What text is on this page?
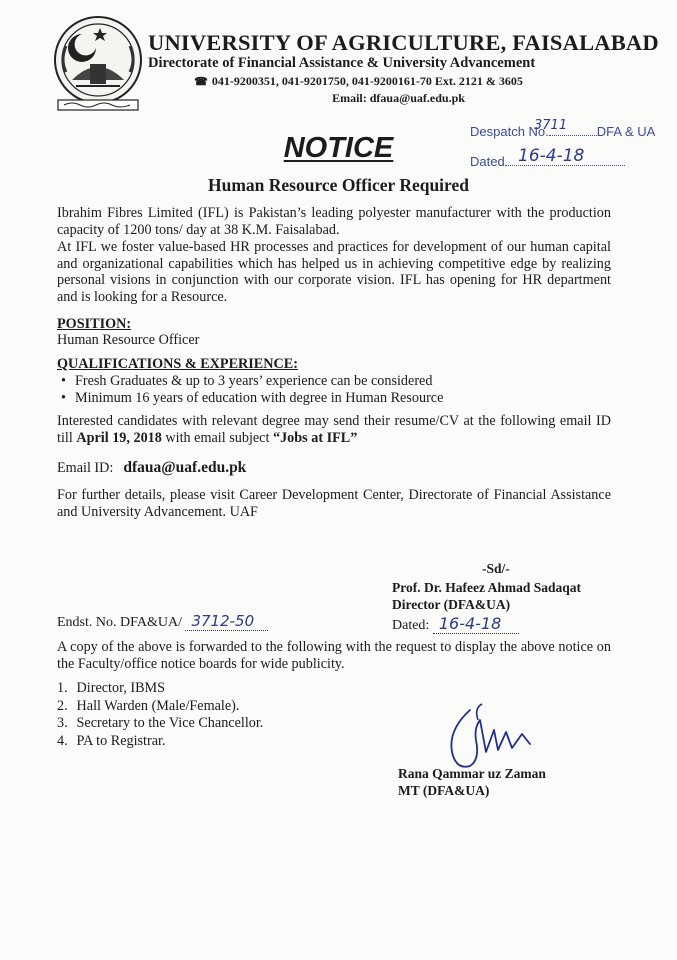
UNIVERSITY OF AGRICULTURE, FAISALABAD
Directorate of Financial Assistance & University Advancement
☎ 041-9200351, 041-9201750, 041-9200161-70 Ext. 2121 & 3605
Email: dfaua@uaf.edu.pk
Despatch No.	DFA & UA
3711
Dated 16-4-18
NOTICE
Human Resource Officer Required
Ibrahim Fibres Limited (IFL) is Pakistan’s leading polyester manufacturer with the production capacity of 1200 tons/ day at 38 K.M. Faisalabad.
At IFL we foster value-based HR processes and practices for development of our human capital and organizational capabilities which has helped us in achieving competitive edge by realizing personal visions in conjunction with our corporate vision. IFL has opening for HR department and is looking for a Resource.
POSITION:
Human Resource Officer
QUALIFICATIONS & EXPERIENCE:
• Fresh Graduates & up to 3 years’ experience can be considered
• Minimum 16 years of education with degree in Human Resource
Interested candidates with relevant degree may send their resume/CV at the following email ID till April 19, 2018 with email subject “Jobs at IFL”
Email ID: dfaua@uaf.edu.pk
For further details, please visit Career Development Center, Directorate of Financial Assistance and University Advancement. UAF
-Sd/-
Prof. Dr. Hafeez Ahmad Sadaqat
Director (DFA&UA)
Dated: 16-4-18
Endst. No. DFA&UA/ 3712-50
A copy of the above is forwarded to the following with the request to display the above notice on the Faculty/office notice boards for wide publicity.
1. Director, IBMS
2. Hall Warden (Male/Female).
3. Secretary to the Vice Chancellor.
4. PA to Registrar.
Rana Qammar uz Zaman
MT (DFA&UA)
